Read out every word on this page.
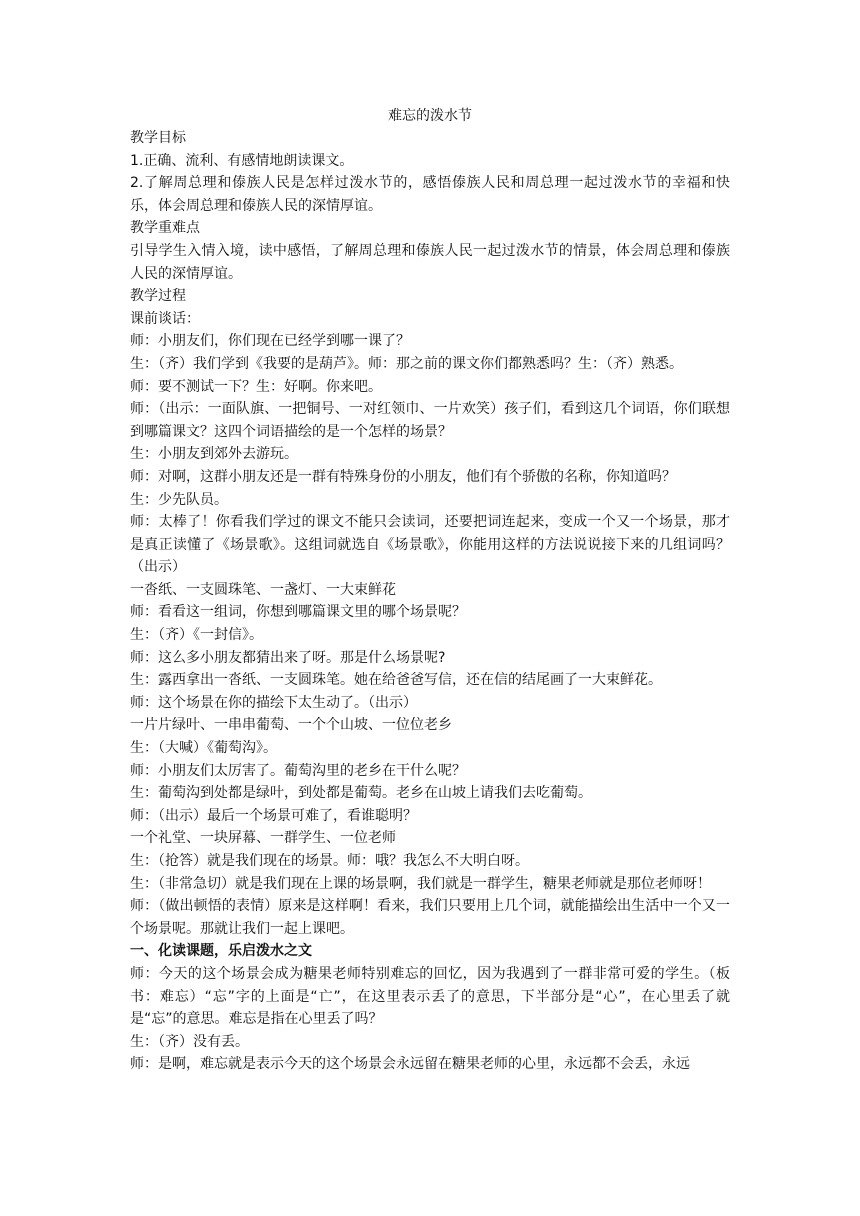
难忘的泼水节

教学目标

1.正确、流利、有感情地朗读课文。

2.了解周总理和傣族人民是怎样过泼水节的，感悟傣族人民和周总理一起过泼水节的幸福和快乐，体会周总理和傣族人民的深情厚谊。

教学重难点

引导学生入情入境，读中感悟，了解周总理和傣族人民一起过泼水节的情景，体会周总理和傣族人民的深情厚谊。

教学过程

课前谈话：

师：小朋友们，你们现在已经学到哪一课了？

生：（齐）我们学到《我要的是葫芦》。师：那之前的课文你们都熟悉吗？生：（齐）熟悉。

师：要不测试一下？生：好啊。你来吧。

师：（出示：一面队旗、一把铜号、一对红领巾、一片欢笑）孩子们，看到这几个词语，你们联想到哪篇课文？这四个词语描绘的是一个怎样的场景？

生：小朋友到郊外去游玩。

师：对啊，这群小朋友还是一群有特殊身份的小朋友，他们有个骄傲的名称，你知道吗？

生：少先队员。

师：太棒了！你看我们学过的课文不能只会读词，还要把词连起来，变成一个又一个场景，那才是真正读懂了《场景歌》。这组词就选自《场景歌》，你能用这样的方法说说接下来的几组词吗？（出示）

一沓纸、一支圆珠笔、一盏灯、一大束鲜花

师：看看这一组词，你想到哪篇课文里的哪个场景呢？

生：（齐）《一封信》。

师：这么多小朋友都猜出来了呀。那是什么场景呢?

生：露西拿出一沓纸、一支圆珠笔。她在给爸爸写信，还在信的结尾画了一大束鲜花。

师：这个场景在你的描绘下太生动了。（出示）

一片片绿叶、一串串葡萄、一个个山坡、一位位老乡

生：（大喊）《葡萄沟》。

师：小朋友们太厉害了。葡萄沟里的老乡在干什么呢？

生：葡萄沟到处都是绿叶，到处都是葡萄。老乡在山坡上请我们去吃葡萄。

师：（出示）最后一个场景可难了，看谁聪明？

一个礼堂、一块屏幕、一群学生、一位老师

生：（抢答）就是我们现在的场景。师：哦？我怎么不大明白呀。

生：（非常急切）就是我们现在上课的场景啊，我们就是一群学生，糖果老师就是那位老师呀！

师：（做出顿悟的表情）原来是这样啊！看来，我们只要用上几个词，就能描绘出生活中一个又一个场景呢。那就让我们一起上课吧。

一、化读课题，乐启泼水之文

师：今天的这个场景会成为糖果老师特别难忘的回忆，因为我遇到了一群非常可爱的学生。（板书：难忘）“忘”字的上面是“亡”，在这里表示丢了的意思，下半部分是“心”，在心里丢了就是“忘”的意思。难忘是指在心里丢了吗？

生：（齐）没有丢。

师：是啊，难忘就是表示今天的这个场景会永远留在糖果老师的心里，永远都不会丢，永远
